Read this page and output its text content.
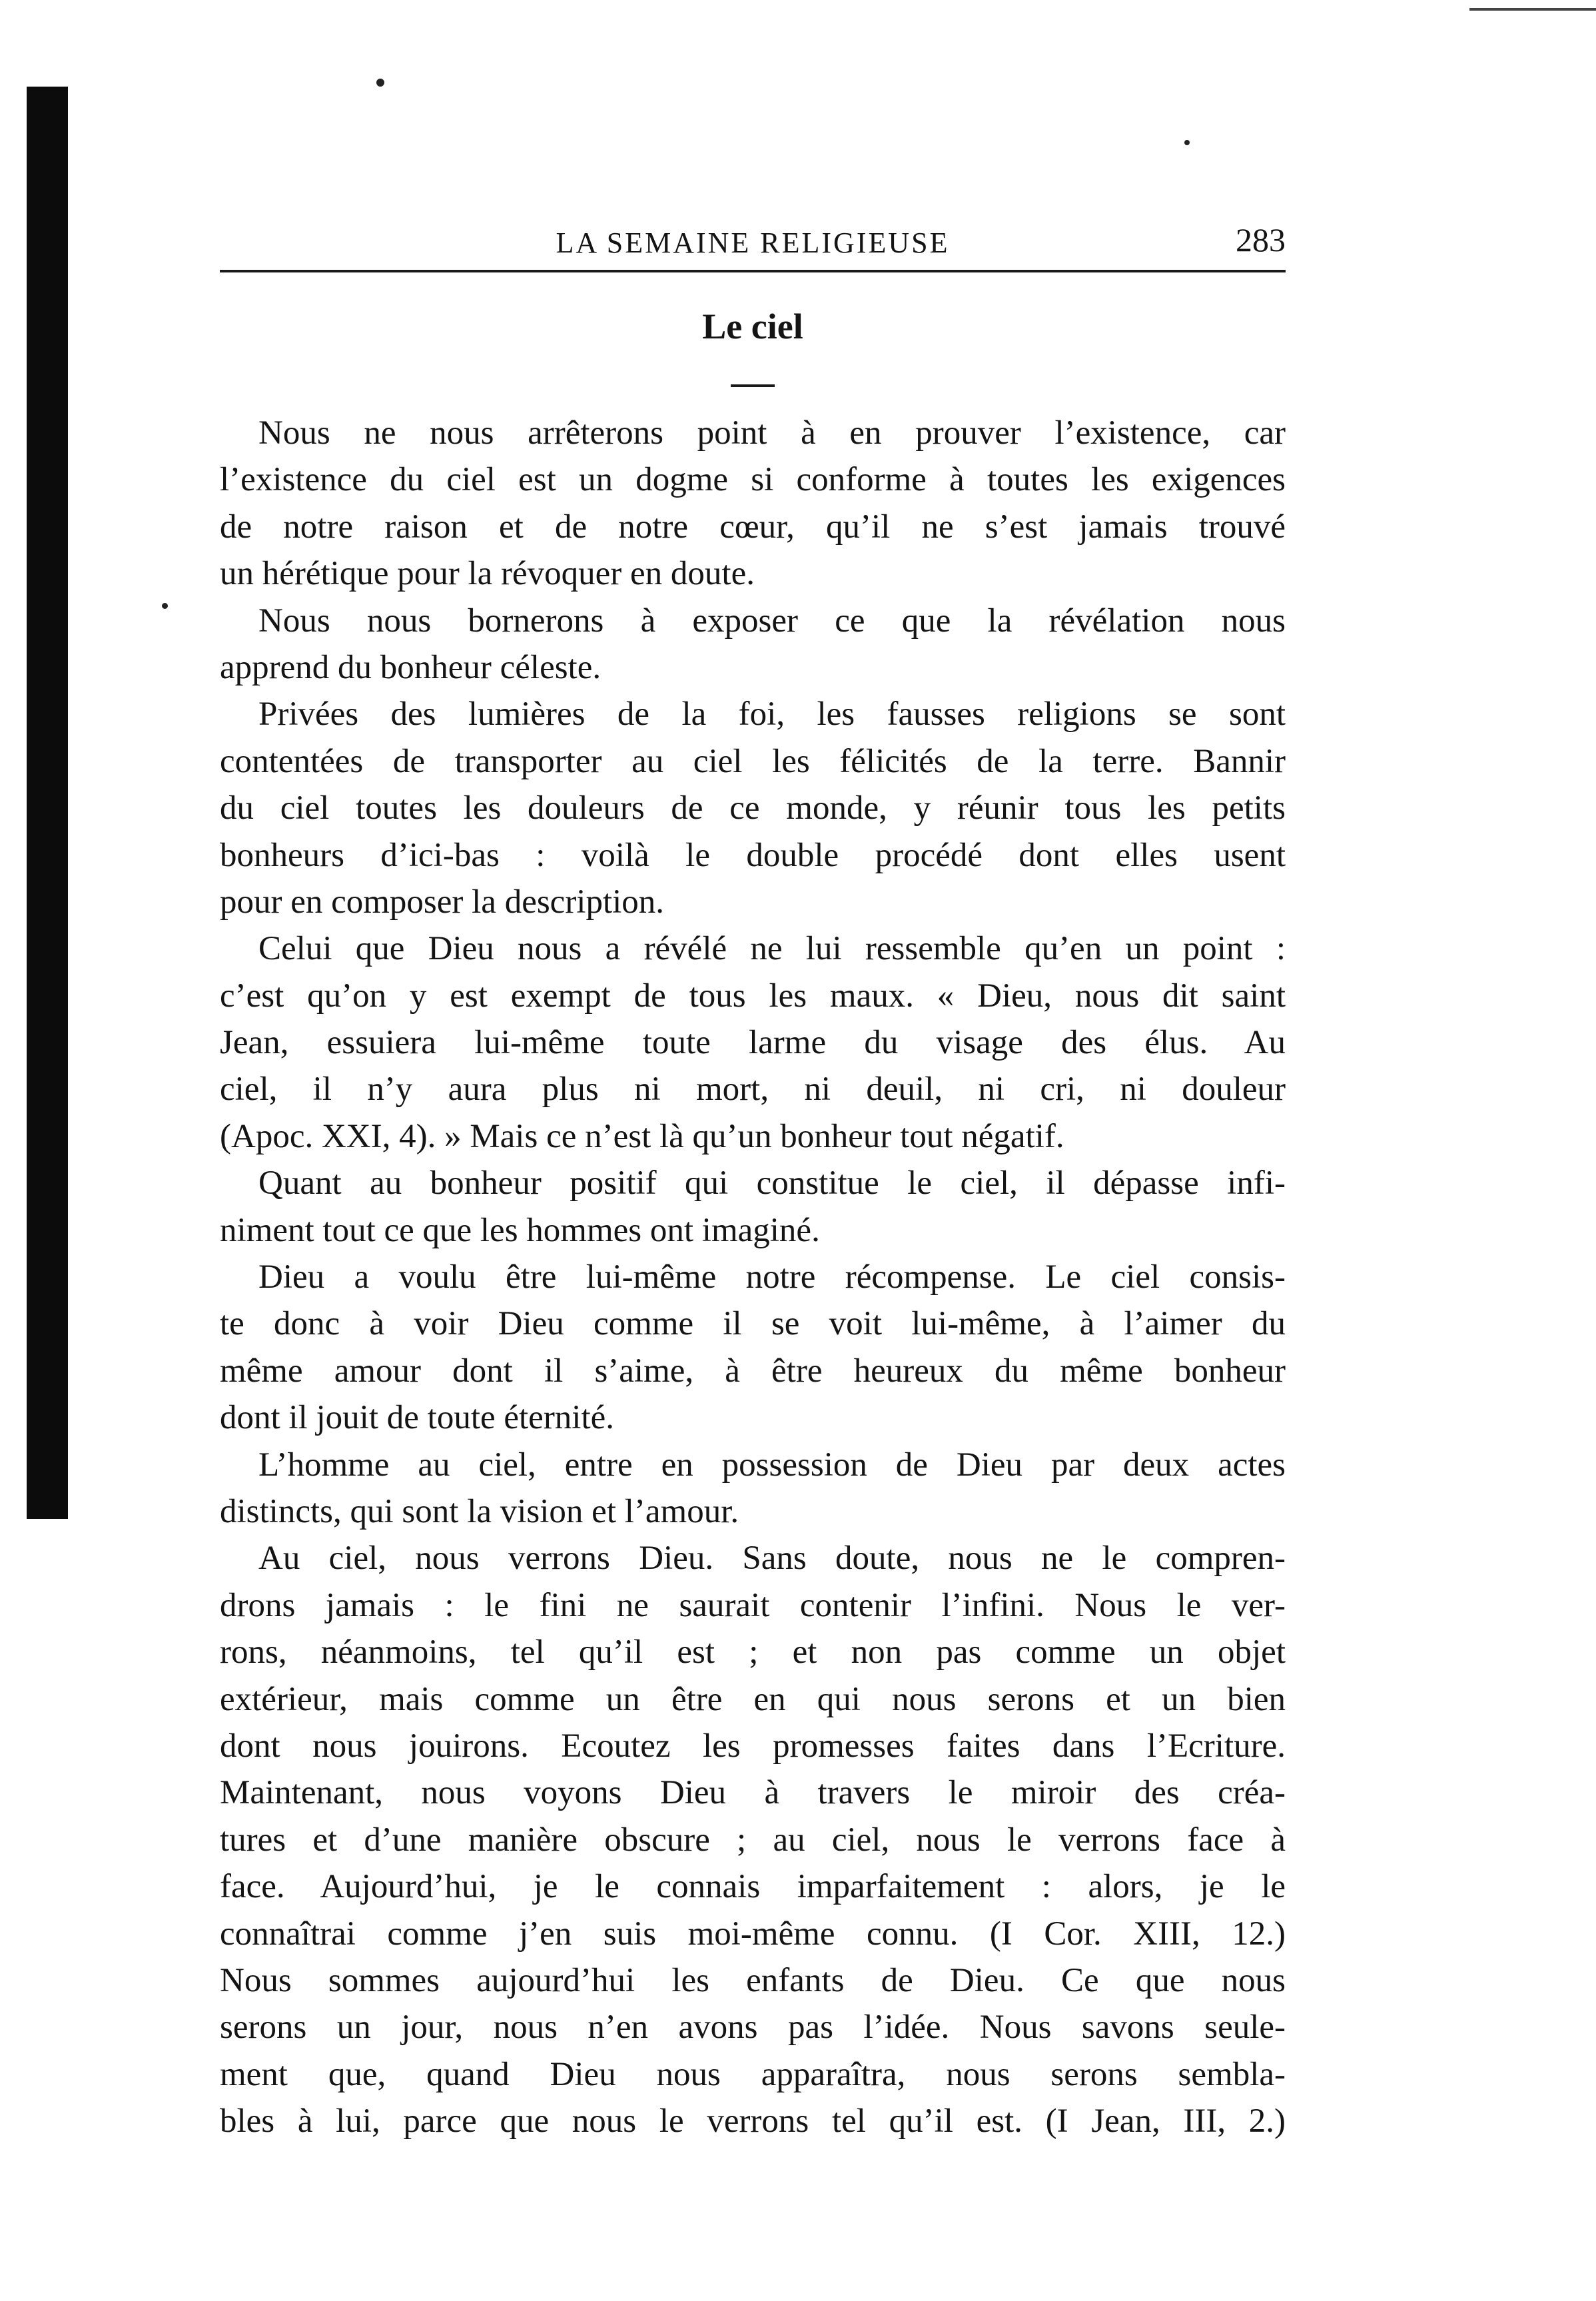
LA SEMAINE RELIGIEUSE	283
Le ciel
Nous ne nous arrêterons point à en prouver l’existence, car
l’existence du ciel est un dogme si conforme à toutes les exigences
de notre raison et de notre cœur, qu’il ne s’est jamais trouvé
un hérétique pour la révoquer en doute.
Nous nous bornerons à exposer ce que la révélation nous
apprend du bonheur céleste.
Privées des lumières de la foi, les fausses religions se sont
contentées de transporter au ciel les félicités de la terre. Bannir
du ciel toutes les douleurs de ce monde, y réunir tous les petits
bonheurs d’ici-bas : voilà le double procédé dont elles usent
pour en composer la description.
Celui que Dieu nous a révélé ne lui ressemble qu’en un point :
c’est qu’on y est exempt de tous les maux. « Dieu, nous dit saint
Jean, essuiera lui-même toute larme du visage des élus. Au
ciel, il n’y aura plus ni mort, ni deuil, ni cri, ni douleur
(Apoc. XXI, 4). » Mais ce n’est là qu’un bonheur tout négatif.
Quant au bonheur positif qui constitue le ciel, il dépasse infi-
niment tout ce que les hommes ont imaginé.
Dieu a voulu être lui-même notre récompense. Le ciel consis-
te donc à voir Dieu comme il se voit lui-même, à l’aimer du
même amour dont il s’aime, à être heureux du même bonheur
dont il jouit de toute éternité.
L’homme au ciel, entre en possession de Dieu par deux actes
distincts, qui sont la vision et l’amour.
Au ciel, nous verrons Dieu. Sans doute, nous ne le compren-
drons jamais : le fini ne saurait contenir l’infini. Nous le ver-
rons, néanmoins, tel qu’il est ; et non pas comme un objet
extérieur, mais comme un être en qui nous serons et un bien
dont nous jouirons. Ecoutez les promesses faites dans l’Ecriture.
Maintenant, nous voyons Dieu à travers le miroir des créa-
tures et d’une manière obscure ; au ciel, nous le verrons face à
face. Aujourd’hui, je le connais imparfaitement : alors, je le
connaîtrai comme j’en suis moi-même connu. (I Cor. XIII, 12.)
Nous sommes aujourd’hui les enfants de Dieu. Ce que nous
serons un jour, nous n’en avons pas l’idée. Nous savons seule-
ment que, quand Dieu nous apparaîtra, nous serons sembla-
bles à lui, parce que nous le verrons tel qu’il est. (I Jean, III, 2.)
